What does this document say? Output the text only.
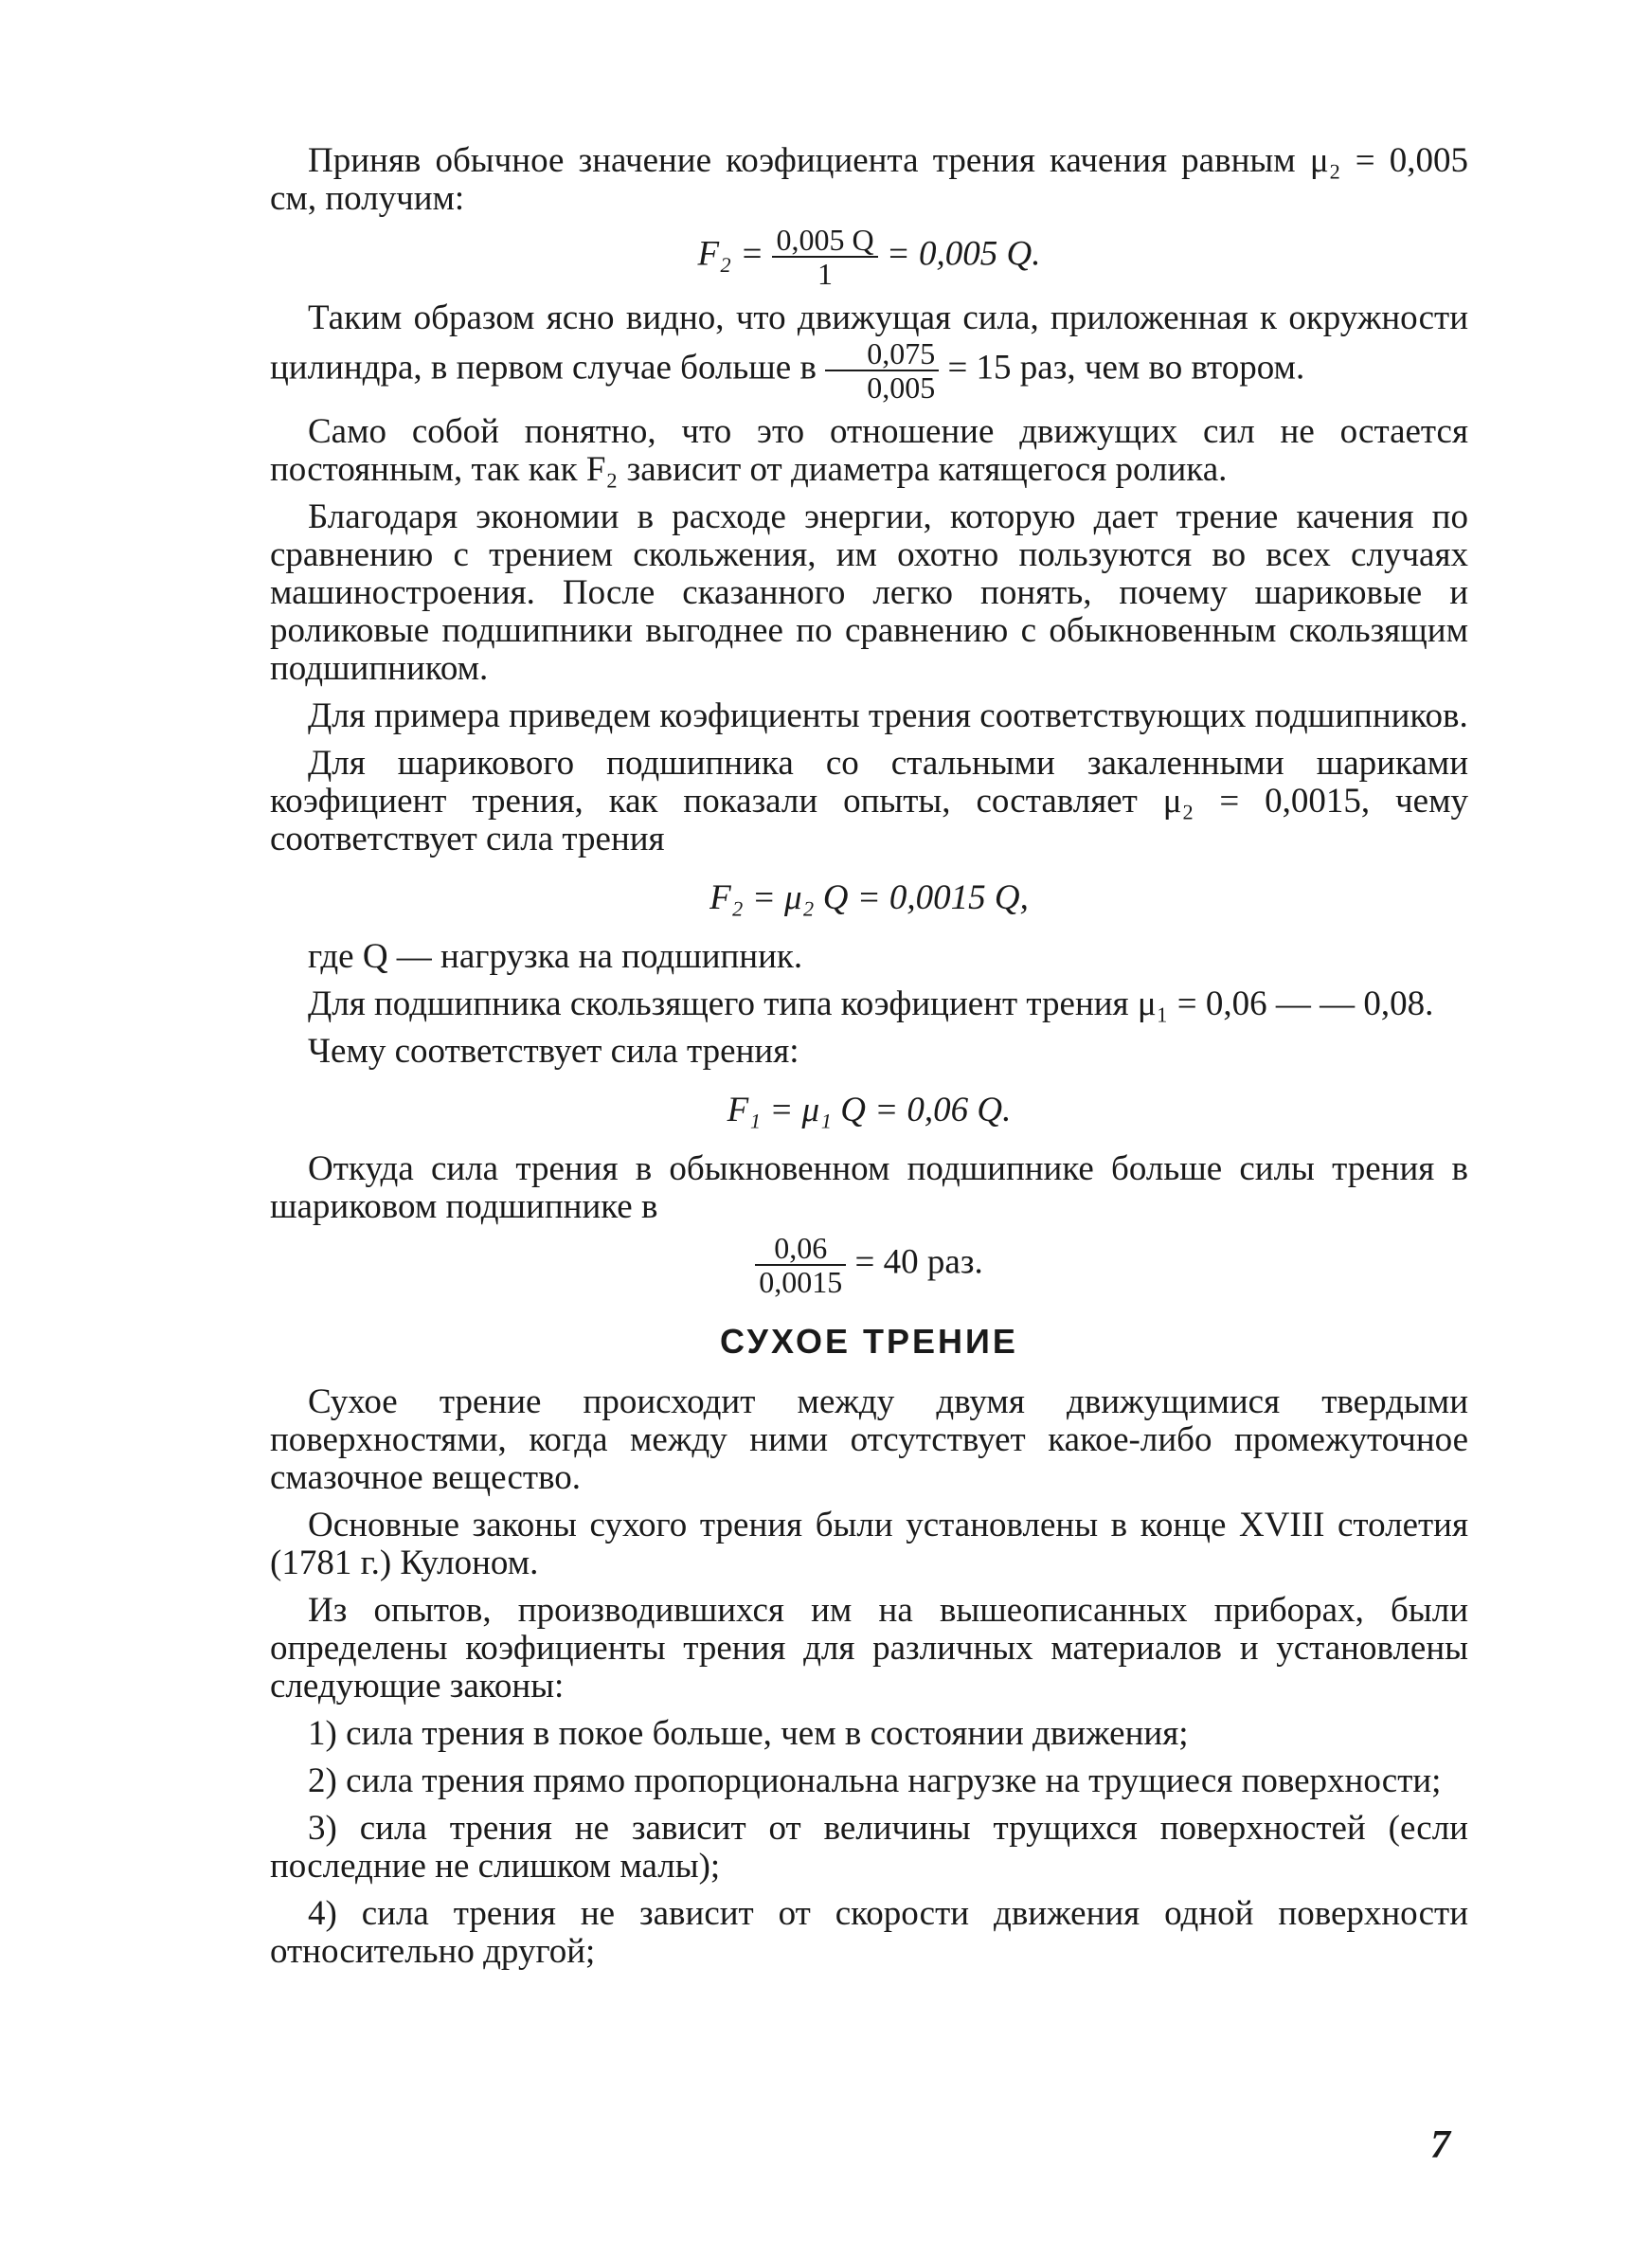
Приняв обычное значение коэфициента трения качения равным μ₂ = 0,005 см, получим:

$F_2 = \frac{0,005 Q}{1} = 0,005$ Q.

Таким образом ясно видно, что движущая сила, приложенная к окружности цилиндра, в первом случае больше в $\frac{0,075}{0,005} = 15$ раз, чем во втором.

Само собой понятно, что это отношение движущих сил не остается постоянным, так как F₂ зависит от диаметра катящегося ролика.

Благодаря экономии в расходе энергии, которую дает трение качения по сравнению с трением скольжения, им охотно пользуются во всех случаях машиностроения. После сказанного легко понять, почему шариковые и роликовые подшипники выгоднее по сравнению с обыкновенным скользящим подшипником.

Для примера приведем коэфициенты трения соответствующих подшипников.

Для шарикового подшипника со стальными закаленными шариками коэфициент трения, как показали опыты, составляет μ₂ = 0,0015, чему соответствует сила трения

F₂ = μ₂ Q = 0,0015 Q,

где Q — нагрузка на подшипник.

Для подшипника скользящего типа коэфициент трения μ₁ = 0,06 — — 0,08.

Чему соответствует сила трения:

F₁ = μ₁ Q = 0,06 Q.

Откуда сила трения в обыкновенном подшипнике больше силы трения в шариковом подшипнике в

$\frac{0,06}{0,0015} = 40$ раз.
СУХОЕ ТРЕНИЕ

Сухое трение происходит между двумя движущимися твердыми поверхностями, когда между ними отсутствует какое-либо промежуточное смазочное вещество.

Основные законы сухого трения были установлены в конце XVIII столетия (1781 г.) Кулоном.

Из опытов, производившихся им на вышеописанных приборах, были определены коэфициенты трения для различных материалов и установлены следующие законы:

1) сила трения в покое больше, чем в состоянии движения;

2) сила трения прямо пропорциональна нагрузке на трущиеся поверхности;

3) сила трения не зависит от величины трущихся поверхностей (если последние не слишком малы);

4) сила трения не зависит от скорости движения одной поверхности относительно другой;

7
